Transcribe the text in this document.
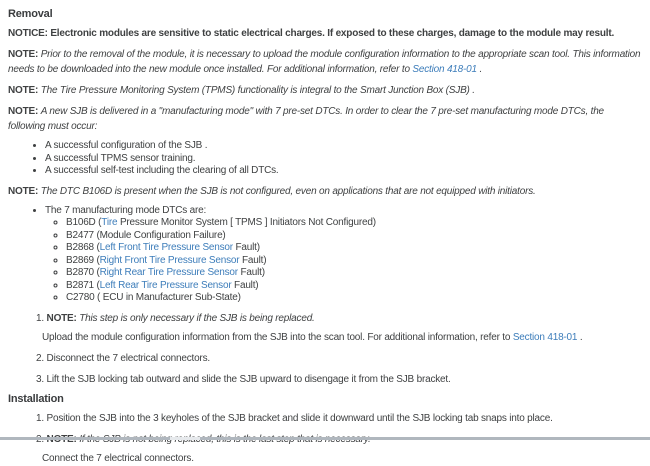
Removal

NOTICE: Electronic modules are sensitive to static electrical charges. If exposed to these charges, damage to the module may result.

NOTE: Prior to the removal of the module, it is necessary to upload the module configuration information to the appropriate scan tool. This information needs to be downloaded into the new module once installed. For additional information, refer to Section 418-01 .

NOTE: The Tire Pressure Monitoring System (TPMS) functionality is integral to the Smart Junction Box (SJB) .

NOTE: A new SJB is delivered in a "manufacturing mode" with 7 pre-set DTCs. In order to clear the 7 pre-set manufacturing mode DTCs, the following must occur:

• A successful configuration of the SJB .
• A successful TPMS sensor training.
• A successful self-test including the clearing of all DTCs.

NOTE: The DTC B106D is present when the SJB is not configured, even on applications that are not equipped with initiators.

• The 7 manufacturing mode DTCs are:
◦ B106D (Tire Pressure Monitor System [ TPMS ] Initiators Not Configured)
◦ B2477 (Module Configuration Failure)
◦ B2868 (Left Front Tire Pressure Sensor Fault)
◦ B2869 (Right Front Tire Pressure Sensor Fault)
◦ B2870 (Right Rear Tire Pressure Sensor Fault)
◦ B2871 (Left Rear Tire Pressure Sensor Fault)
◦ C2780 ( ECU in Manufacturer Sub-State)
1. NOTE: This step is only necessary if the SJB is being replaced.
Upload the module configuration information from the SJB into the scan tool. For additional information, refer to Section 418-01 .
2. Disconnect the 7 electrical connectors.
3. Lift the SJB locking tab outward and slide the SJB upward to disengage it from the SJB bracket.
Installation
1. Position the SJB into the 3 keyholes of the SJB bracket and slide it downward until the SJB locking tab snaps into place.
Connect the 7 electrical connectors.
